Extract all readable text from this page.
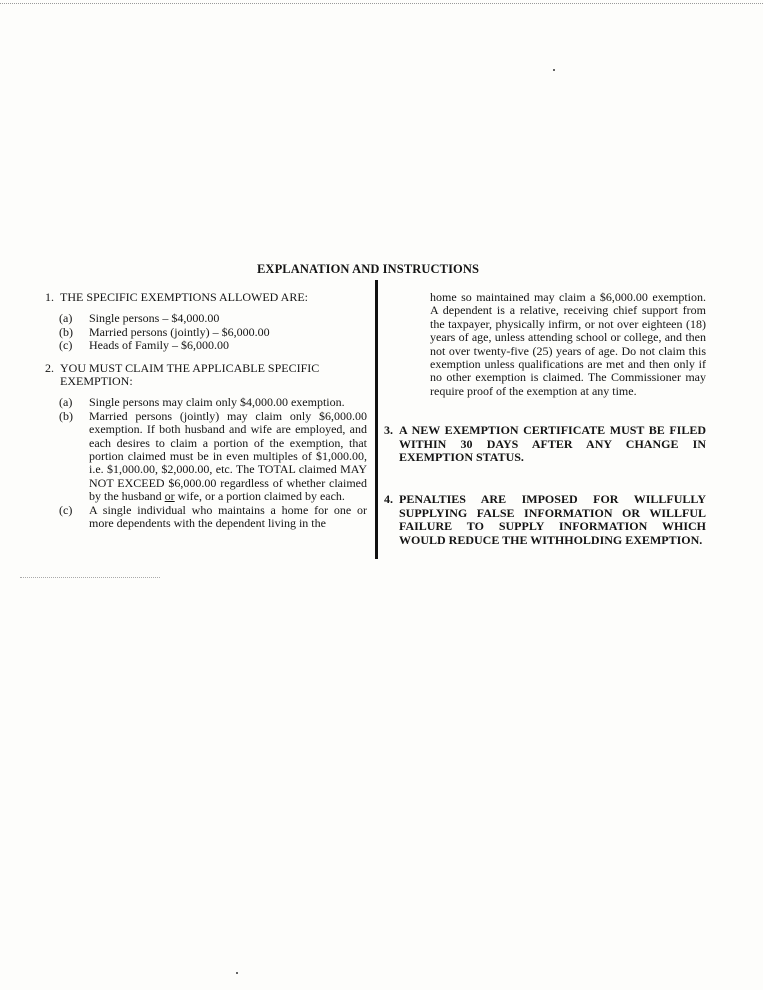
EXPLANATION AND INSTRUCTIONS
1. THE SPECIFIC EXEMPTIONS ALLOWED ARE:
(a)	Single persons – $4,000.00
(b)	Married persons (jointly) – $6,000.00
(c)	Heads of Family – $6,000.00
2. YOU MUST CLAIM THE APPLICABLE SPECIFIC EXEMPTION:
(a)	Single persons may claim only $4,000.00 exemption.
(b)	Married persons (jointly) may claim only $6,000.00 exemption. If both husband and wife are employed, and each desires to claim a portion of the exemption, that portion claimed must be in even multiples of $1,000.00, i.e. $1,000.00, $2,000.00, etc. The TOTAL claimed MAY NOT EXCEED $6,000.00 regardless of whether claimed by the husband or wife, or a portion claimed by each.
(c)	A single individual who maintains a home for one or more dependents with the dependent living in the
home so maintained may claim a $6,000.00 exemption. A dependent is a relative, receiving chief support from the taxpayer, physically infirm, or not over eighteen (18) years of age, unless attending school or college, and then not over twenty-five (25) years of age. Do not claim this exemption unless qualifications are met and then only if no other exemption is claimed. The Commissioner may require proof of the exemption at any time.
3. A NEW EXEMPTION CERTIFICATE MUST BE FILED WITHIN 30 DAYS AFTER ANY CHANGE IN EXEMPTION STATUS.
4. PENALTIES ARE IMPOSED FOR WILLFULLY SUPPLYING FALSE INFORMATION OR WILLFUL FAILURE TO SUPPLY INFORMATION WHICH WOULD REDUCE THE WITHHOLDING EXEMPTION.
